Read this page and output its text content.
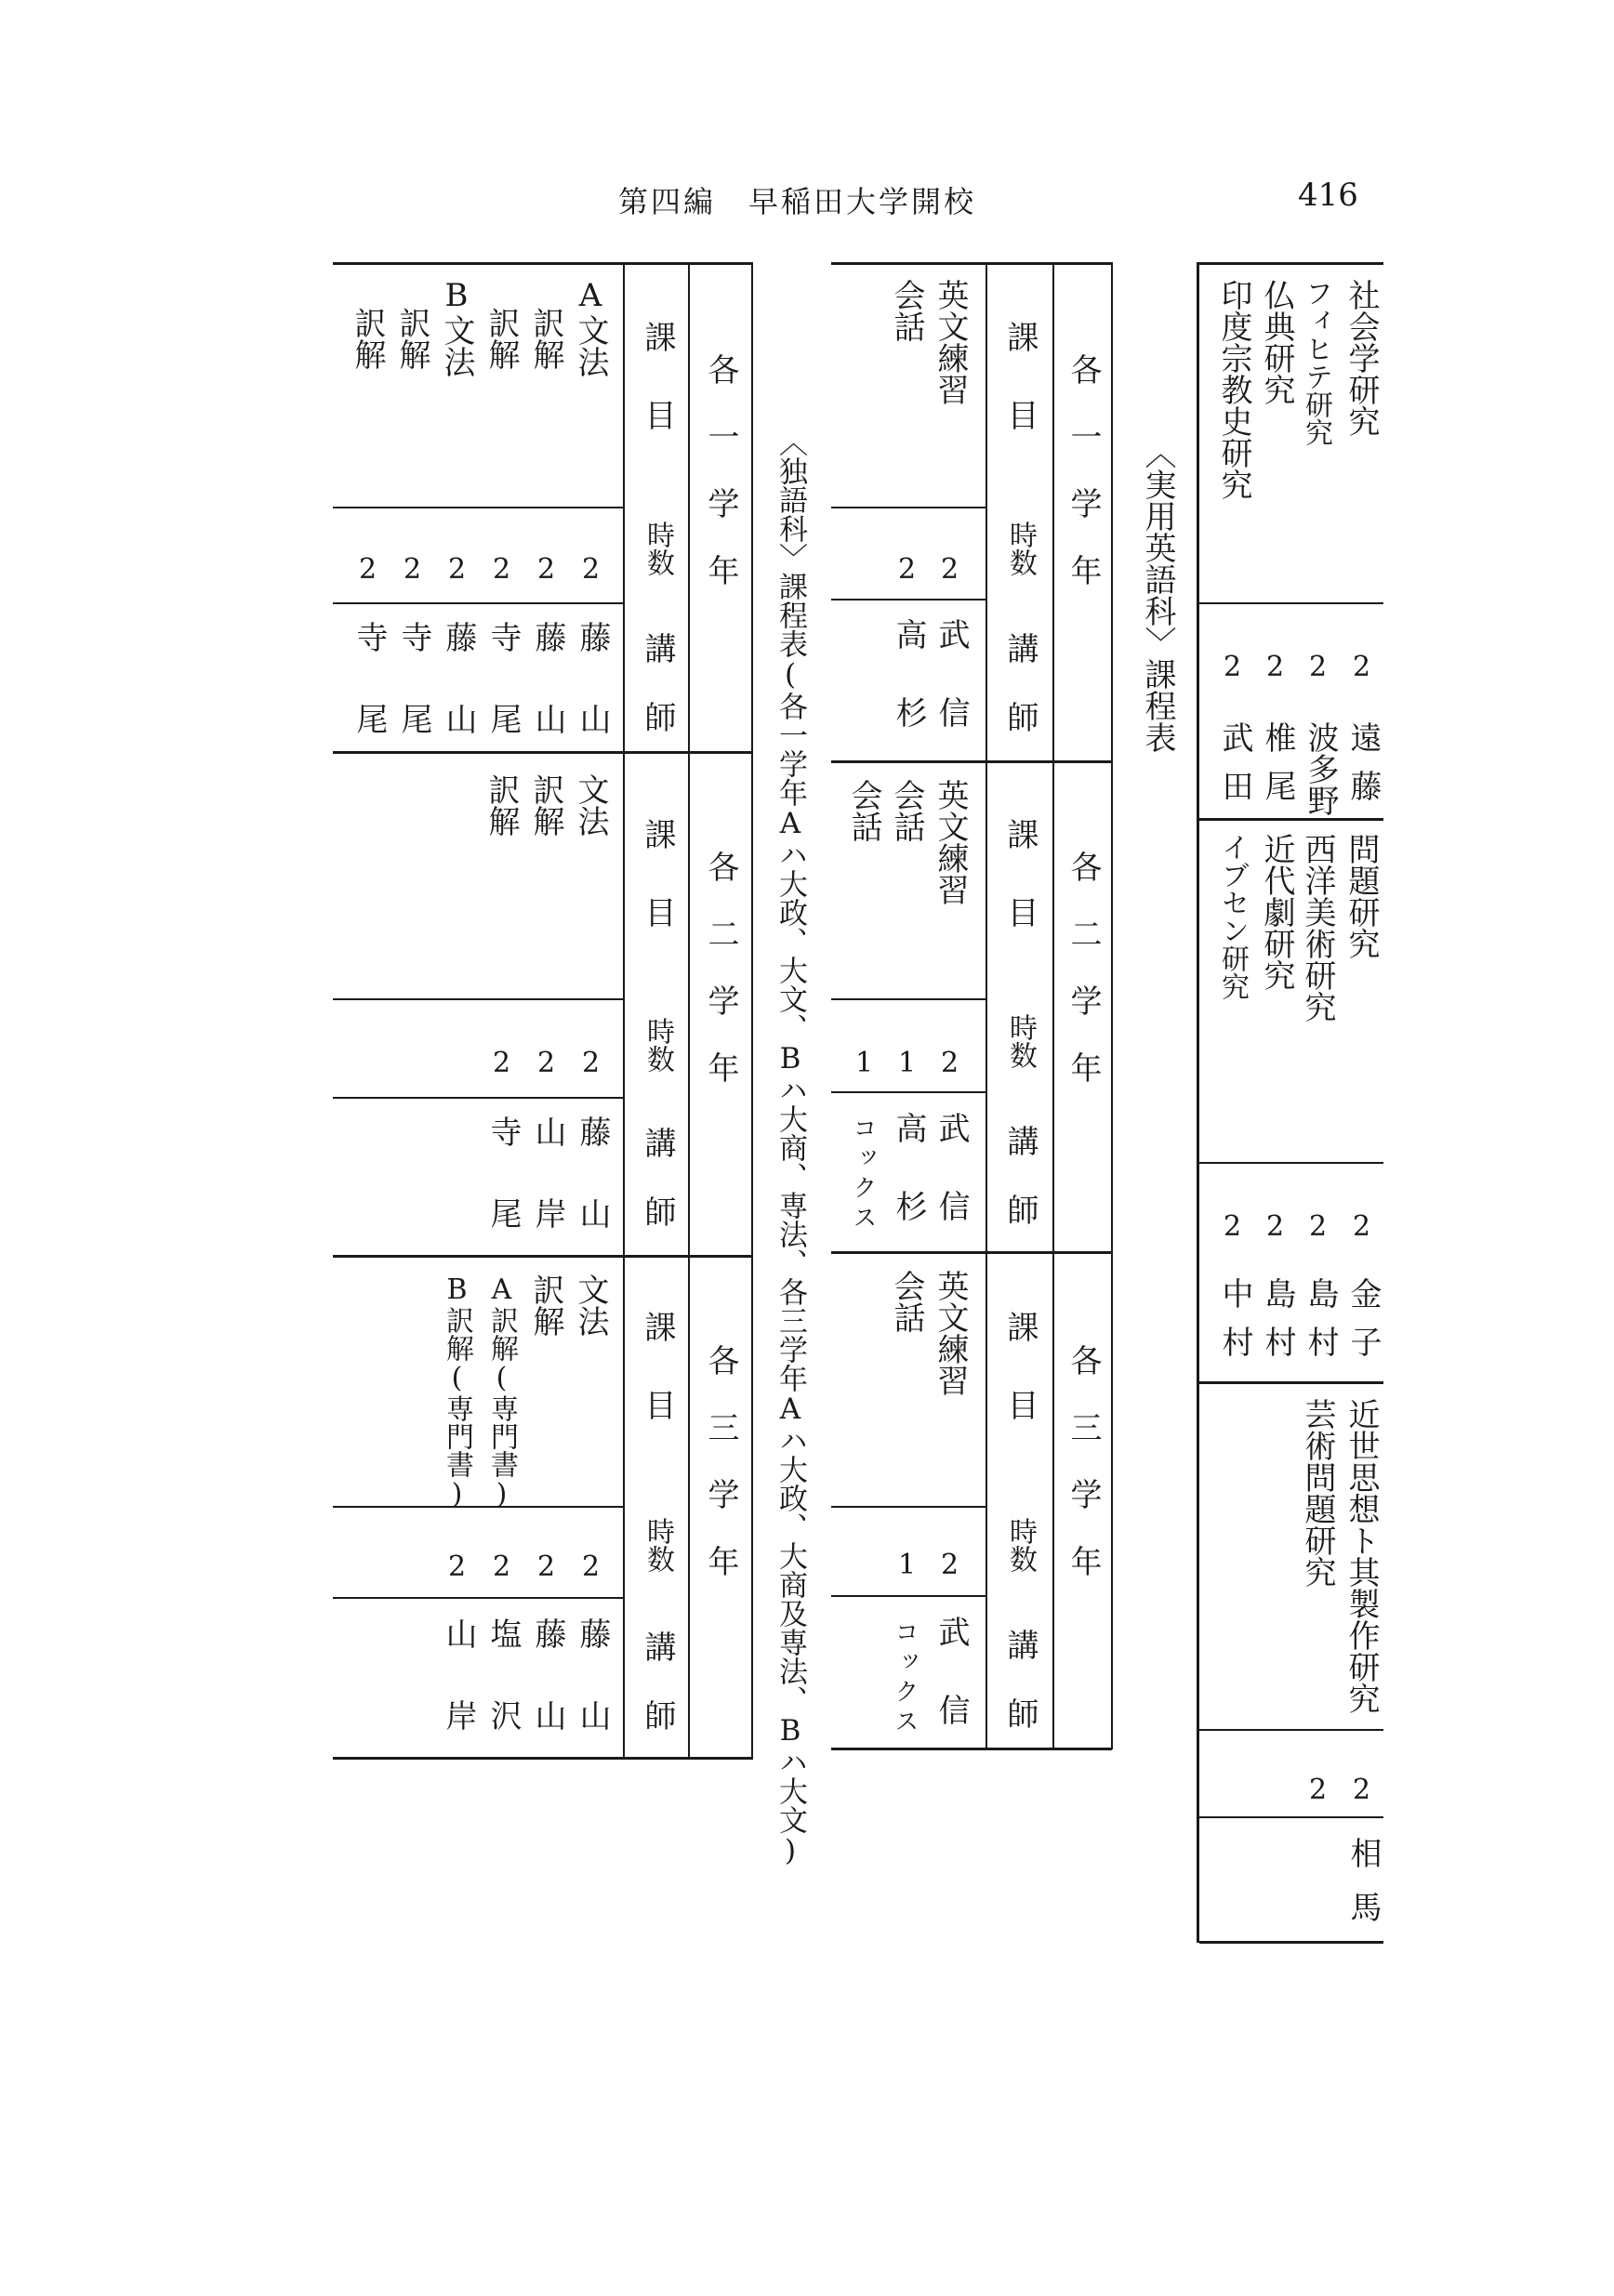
第四編　早稲田大学開校	416
社会学研究
フィヒテ研究
仏典研究
印度宗教史研究
2
2
2
2
遠藤
波多野
椎尾
武田
問題研究
西洋美術研究
近代劇研究
イブセン研究
2
2
2
2
金子
島村
島村
中村
近世思想ト其製作研究
芸術問題研究
2
2
相馬
〈実用英語科〉課程表
各一学年
各二学年
各三学年
課目
時数
講師
課目
時数
講師
課目
時数
講師
英文練習
会話
2
2
武信
高杉
英文練習
会話
会話
2
1
1
武信
高杉
コックス
英文練習
会話
2
1
武信
コックス
〈独語科〉課程表(各一学年Aハ大政、大文、Bハ大商、専法、各三学年Aハ大政、大商及専法、Bハ大文)
各一学年
各二学年
各三学年
課目
時数
講師
課目
時数
講師
課目
時数
講師
A文法
訳解
訳解
B文法
訳解
訳解
2
2
2
2
2
2
藤山
藤山
寺尾
藤山
寺尾
寺尾
文法
訳解
訳解
2
2
2
藤山
山岸
寺尾
文法
訳解
A訳解(専門書)
B訳解(専門書)
2
2
2
2
藤山
藤山
塩沢
山岸
